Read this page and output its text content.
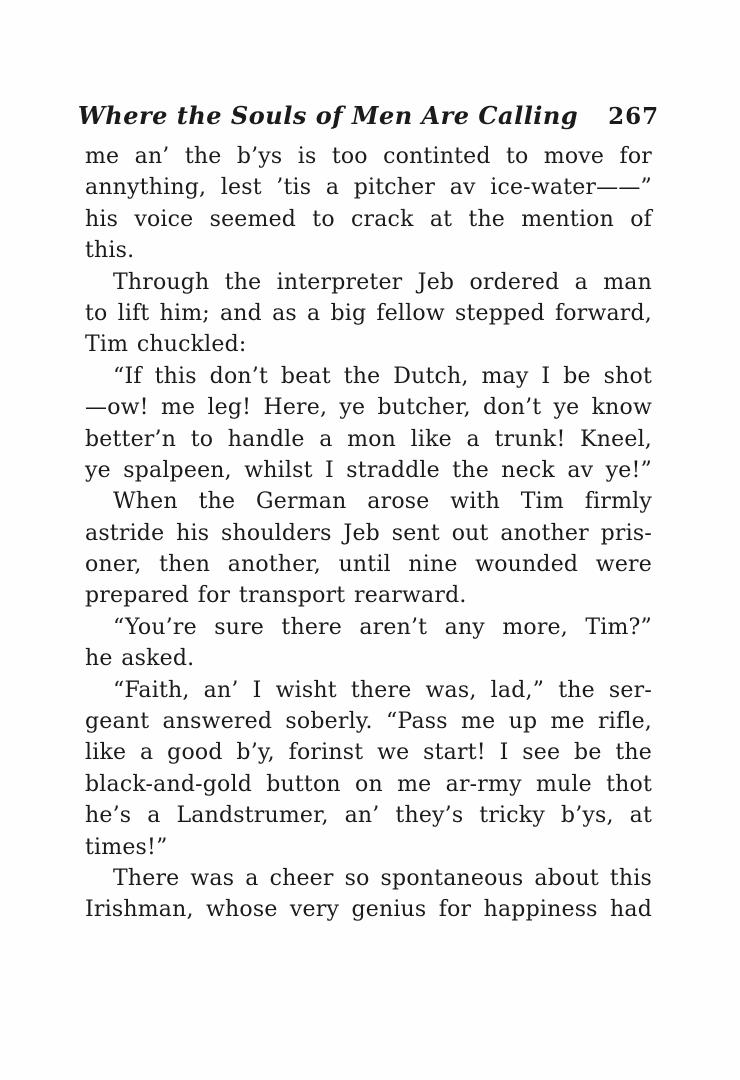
Where the Souls of Men Are Calling 267
me an’ the b’ys is too continted to move for
annything, lest ’tis a pitcher av ice-water——”
his voice seemed to crack at the mention of
this.
Through the interpreter Jeb ordered a man
to lift him; and as a big fellow stepped forward,
Tim chuckled:
“If this don’t beat the Dutch, may I be shot
—ow! me leg! Here, ye butcher, don’t ye know
better’n to handle a mon like a trunk! Kneel,
ye spalpeen, whilst I straddle the neck av ye!”
When the German arose with Tim firmly
astride his shoulders Jeb sent out another pris-
oner, then another, until nine wounded were
prepared for transport rearward.
“You’re sure there aren’t any more, Tim?”
he asked.
“Faith, an’ I wisht there was, lad,” the ser-
geant answered soberly. “Pass me up me rifle,
like a good b’y, forinst we start! I see be the
black-and-gold button on me ar-rmy mule thot
he’s a Landstrumer, an’ they’s tricky b’ys, at
times!”
There was a cheer so spontaneous about this
Irishman, whose very genius for happiness had
